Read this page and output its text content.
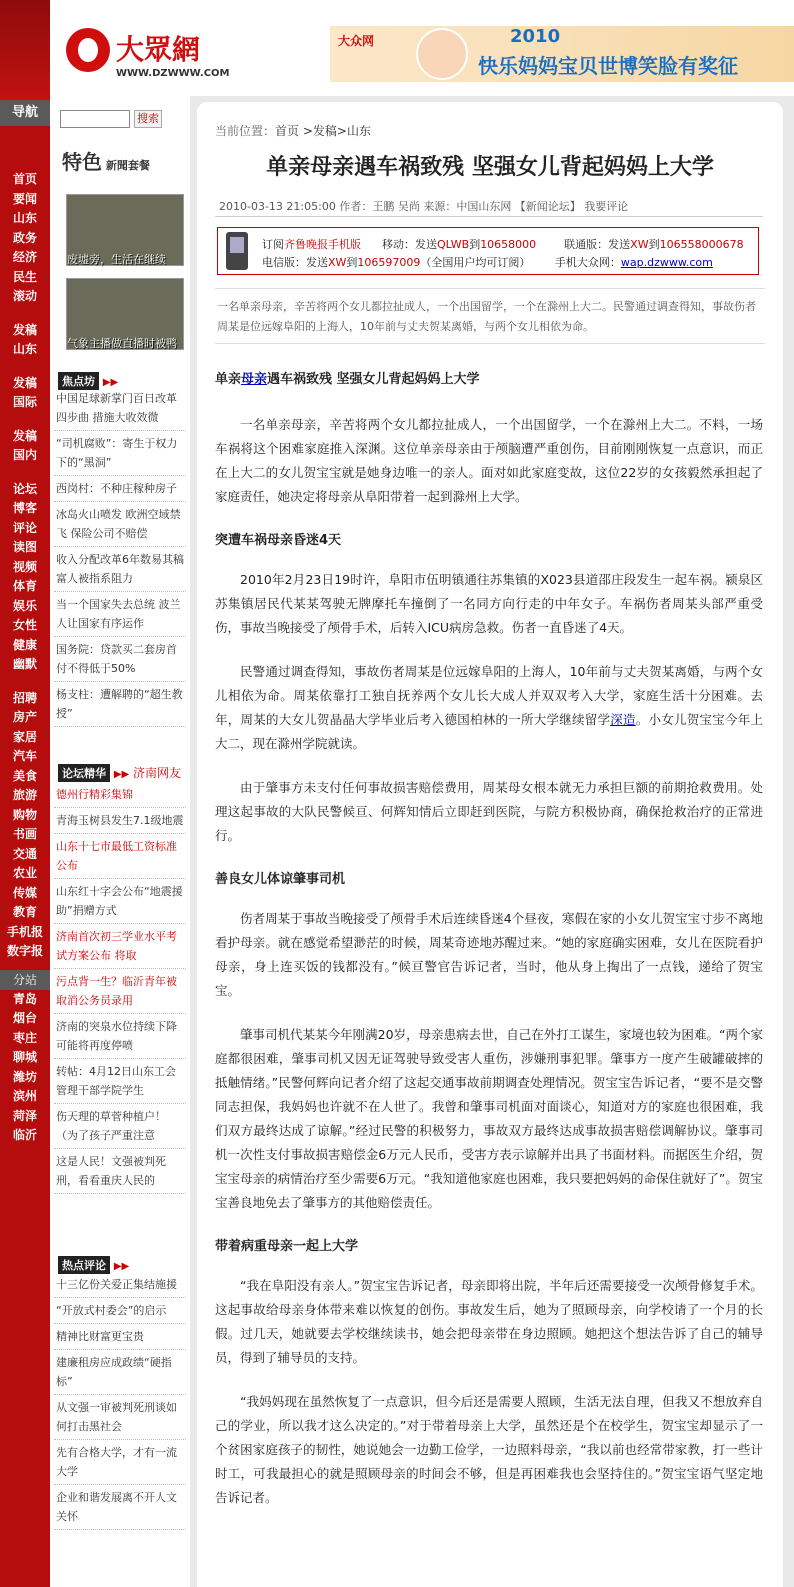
导航
首页
要闻
山东
政务
经济
民生
滚动
发稿
山东
发稿
国际
发稿
国内
论坛
博客
评论
读图
视频
体育
娱乐
女性
健康
幽默
招聘
房产
家居
汽车
美食
旅游
购物
书画
交通
农业
传媒
教育
手机报
数字报
分站
青岛
烟台
枣庄
聊城
潍坊
滨州
菏泽
临沂
大眾網
WWW.DZWWW.COM
大众网	2010
快乐妈妈宝贝世博笑脸有奖征
搜索
特色 新聞套餐
废墟旁，生活在继续
气象主播做直播时被鸭
焦点坊 ▶▶
中国足球新掌门百日改革四步曲 措施大收效微
“司机腐败”：寄生于权力下的“黑洞”
西岗村：不种庄稼种房子
冰岛火山喷发 欧洲空域禁飞 保险公司不赔偿
收入分配改革6年数易其稿 富人被指系阻力
当一个国家失去总统 波兰人让国家有序运作
国务院：贷款买二套房首付不得低于50%
杨支柱：遭解聘的“超生教授”
论坛精华 ▶▶ 济南网友
德州行精彩集锦
青海玉树县发生7.1级地震
山东十七市最低工资标准公布
山东红十字会公布“地震援助”捐赠方式
济南首次初三学业水平考试方案公布 将取
污点背一生？临沂青年被取消公务员录用
济南的突泉水位持续下降 可能将再度停喷
转帖：4月12日山东工会管理干部学院学生
伤天理的草菅种植户！（为了孩子严重注意
这是人民！文强被判死刑，看看重庆人民的
热点评论 ▶▶
十三亿份关爱正集结施援
“开放式村委会”的启示
精神比财富更宝贵
建廉租房应成政绩“硬指标”
从文强一审被判死刑谈如何打击黑社会
先有合格大学，才有一流大学
企业和谐发展离不开人文关怀
当前位置：首页 >发稿>山东
单亲母亲遇车祸致残 坚强女儿背起妈妈上大学
2010-03-13 21:05:00 作者：王鹏 吴尚 来源：中国山东网 【新闻论坛】 我要评论
订阅齐鲁晚报手机版 移动：发送QLWB到10658000	联通版：发送XW到106558000678
电信版：发送XW到106597009（全国用户均可订阅） 手机大众网：wap.dzwww.com
一名单亲母亲，辛苦将两个女儿都拉扯成人，一个出国留学，一个在滁州上大二。民警通过调查得知，事故伤者周某是位远嫁阜阳的上海人，10年前与丈夫贺某离婚，与两个女儿相依为命。
单亲母亲遇车祸致残 坚强女儿背起妈妈上大学

一名单亲母亲，辛苦将两个女儿都拉扯成人，一个出国留学，一个在滁州上大二。不料，一场车祸将这个困难家庭推入深渊。这位单亲母亲由于颅脑遭严重创伤，目前刚刚恢复一点意识，而正在上大二的女儿贺宝宝就是她身边唯一的亲人。面对如此家庭变故，这位22岁的女孩毅然承担起了家庭责任，她决定将母亲从阜阳带着一起到滁州上大学。

突遭车祸母亲昏迷4天

2010年2月23日19时许，阜阳市伍明镇通往苏集镇的X023县道邵庄段发生一起车祸。颍泉区苏集镇居民代某某驾驶无牌摩托车撞倒了一名同方向行走的中年女子。车祸伤者周某头部严重受伤，事故当晚接受了颅骨手术，后转入ICU病房急救。伤者一直昏迷了4天。

民警通过调查得知，事故伤者周某是位远嫁阜阳的上海人，10年前与丈夫贺某离婚，与两个女儿相依为命。周某依靠打工独自抚养两个女儿长大成人并双双考入大学，家庭生活十分困难。去年，周某的大女儿贺晶晶大学毕业后考入德国柏林的一所大学继续留学深造。小女儿贺宝宝今年上大二，现在滁州学院就读。

由于肇事方未支付任何事故损害赔偿费用，周某母女根本就无力承担巨额的前期抢救费用。处理这起事故的大队民警候亘、何辉知情后立即赶到医院，与院方积极协商，确保抢救治疗的正常进行。

善良女儿体谅肇事司机

伤者周某于事故当晚接受了颅骨手术后连续昏迷4个昼夜，寒假在家的小女儿贺宝宝寸步不离地看护母亲。就在感觉希望渺茫的时候，周某奇迹地苏醒过来。“她的家庭确实困难，女儿在医院看护母亲，身上连买饭的钱都没有。”候亘警官告诉记者，当时，他从身上掏出了一点钱，递给了贺宝宝。

肇事司机代某某今年刚满20岁，母亲患病去世，自己在外打工谋生，家境也较为困难。“两个家庭都很困难，肇事司机又因无证驾驶导致受害人重伤，涉嫌刑事犯罪。肇事方一度产生破罐破摔的抵触情绪。”民警何辉向记者介绍了这起交通事故前期调查处理情况。贺宝宝告诉记者，“要不是交警同志担保，我妈妈也许就不在人世了。我曾和肇事司机面对面谈心，知道对方的家庭也很困难，我们双方最终达成了谅解。”经过民警的积极努力，事故双方最终达成事故损害赔偿调解协议。肇事司机一次性支付事故损害赔偿金6万元人民币，受害方表示谅解并出具了书面材料。而据医生介绍，贺宝宝母亲的病情治疗至少需要6万元。“我知道他家庭也困难，我只要把妈妈的命保住就好了”。贺宝宝善良地免去了肇事方的其他赔偿责任。

带着病重母亲一起上大学

“我在阜阳没有亲人。”贺宝宝告诉记者，母亲即将出院，半年后还需要接受一次颅骨修复手术。这起事故给母亲身体带来难以恢复的创伤。事故发生后，她为了照顾母亲，向学校请了一个月的长假。过几天，她就要去学校继续读书，她会把母亲带在身边照顾。她把这个想法告诉了自己的辅导员，得到了辅导员的支持。

“我妈妈现在虽然恢复了一点意识，但今后还是需要人照顾，生活无法自理，但我又不想放弃自己的学业，所以我才这么决定的。”对于带着母亲上大学，虽然还是个在校学生，贺宝宝却显示了一个贫困家庭孩子的韧性，她说她会一边勤工俭学，一边照料母亲，“我以前也经常带家教，打一些计时工，可我最担心的就是照顾母亲的时间会不够，但是再困难我也会坚持住的。”贺宝宝语气坚定地告诉记者。
